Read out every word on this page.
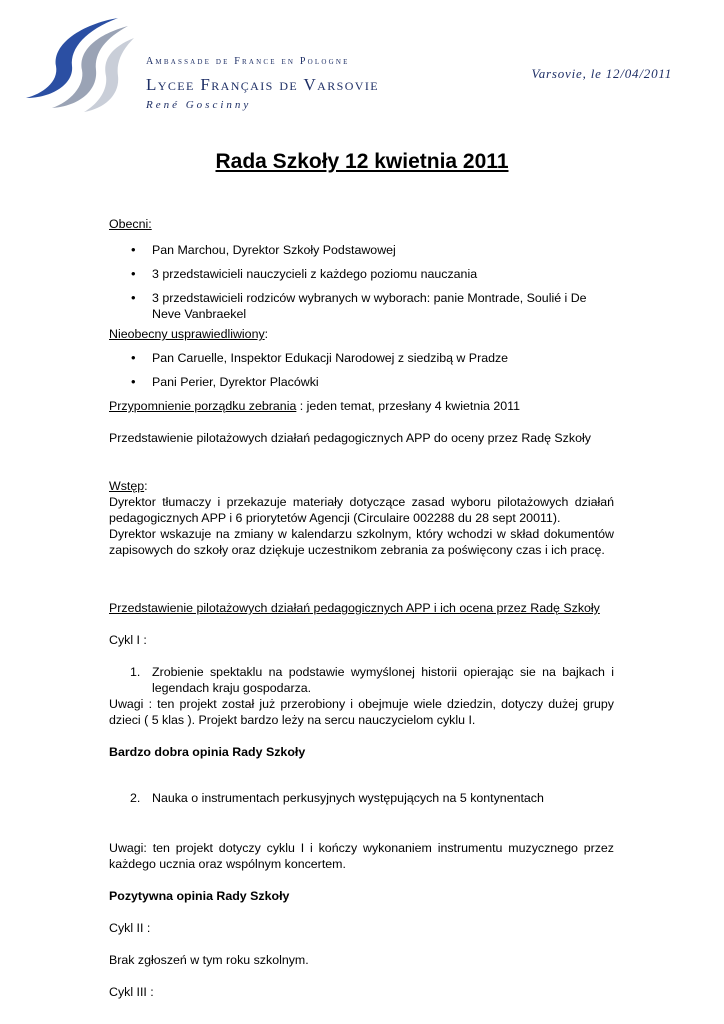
Ambassade de France en Pologne
Lycee Français de Varsovie
René Goscinny
Varsovie, le 12/04/2011
Rada Szkoły 12 kwietnia 2011
Obecni:
• Pan Marchou, Dyrektor Szkoły Podstawowej
• 3 przedstawicieli nauczycieli z każdego poziomu nauczania
• 3 przedstawicieli rodziców wybranych w wyborach: panie Montrade, Soulié i De Neve Vanbraekel
Nieobecny usprawiedliwiony:
• Pan Caruelle, Inspektor Edukacji Narodowej z siedzibą w Pradze
• Pani Perier, Dyrektor Placówki
Przypomnienie porządku zebrania : jeden temat, przesłany 4 kwietnia 2011
Przedstawienie pilotażowych działań pedagogicznych APP do oceny przez Radę Szkoły
Wstęp:
Dyrektor tłumaczy i przekazuje materiały dotyczące zasad wyboru pilotażowych działań pedagogicznych APP i 6 priorytetów Agencji (Circulaire 002288 du 28 sept 20011).
Dyrektor wskazuje na zmiany w kalendarzu szkolnym, który wchodzi w skład dokumentów zapisowych do szkoły oraz dziękuje uczestnikom zebrania za poświęcony czas i ich pracę.
Przedstawienie pilotażowych działań pedagogicznych APP i ich ocena przez Radę Szkoły
Cykl I :
1. Zrobienie spektaklu na podstawie wymyślonej historii opierając sie na bajkach i legendach kraju gospodarza.
Uwagi : ten projekt został już przerobiony i obejmuje wiele dziedzin, dotyczy dużej grupy dzieci ( 5 klas ). Projekt bardzo leży na sercu nauczycielom cyklu I.
Bardzo dobra opinia Rady Szkoły
2. Nauka o instrumentach perkusyjnych występujących na 5 kontynentach
Uwagi: ten projekt dotyczy cyklu I i kończy wykonaniem instrumentu muzycznego przez każdego ucznia oraz wspólnym koncertem.
Pozytywna opinia Rady Szkoły
Cykl II :
Brak zgłoszeń w tym roku szkolnym.
Cykl III :
